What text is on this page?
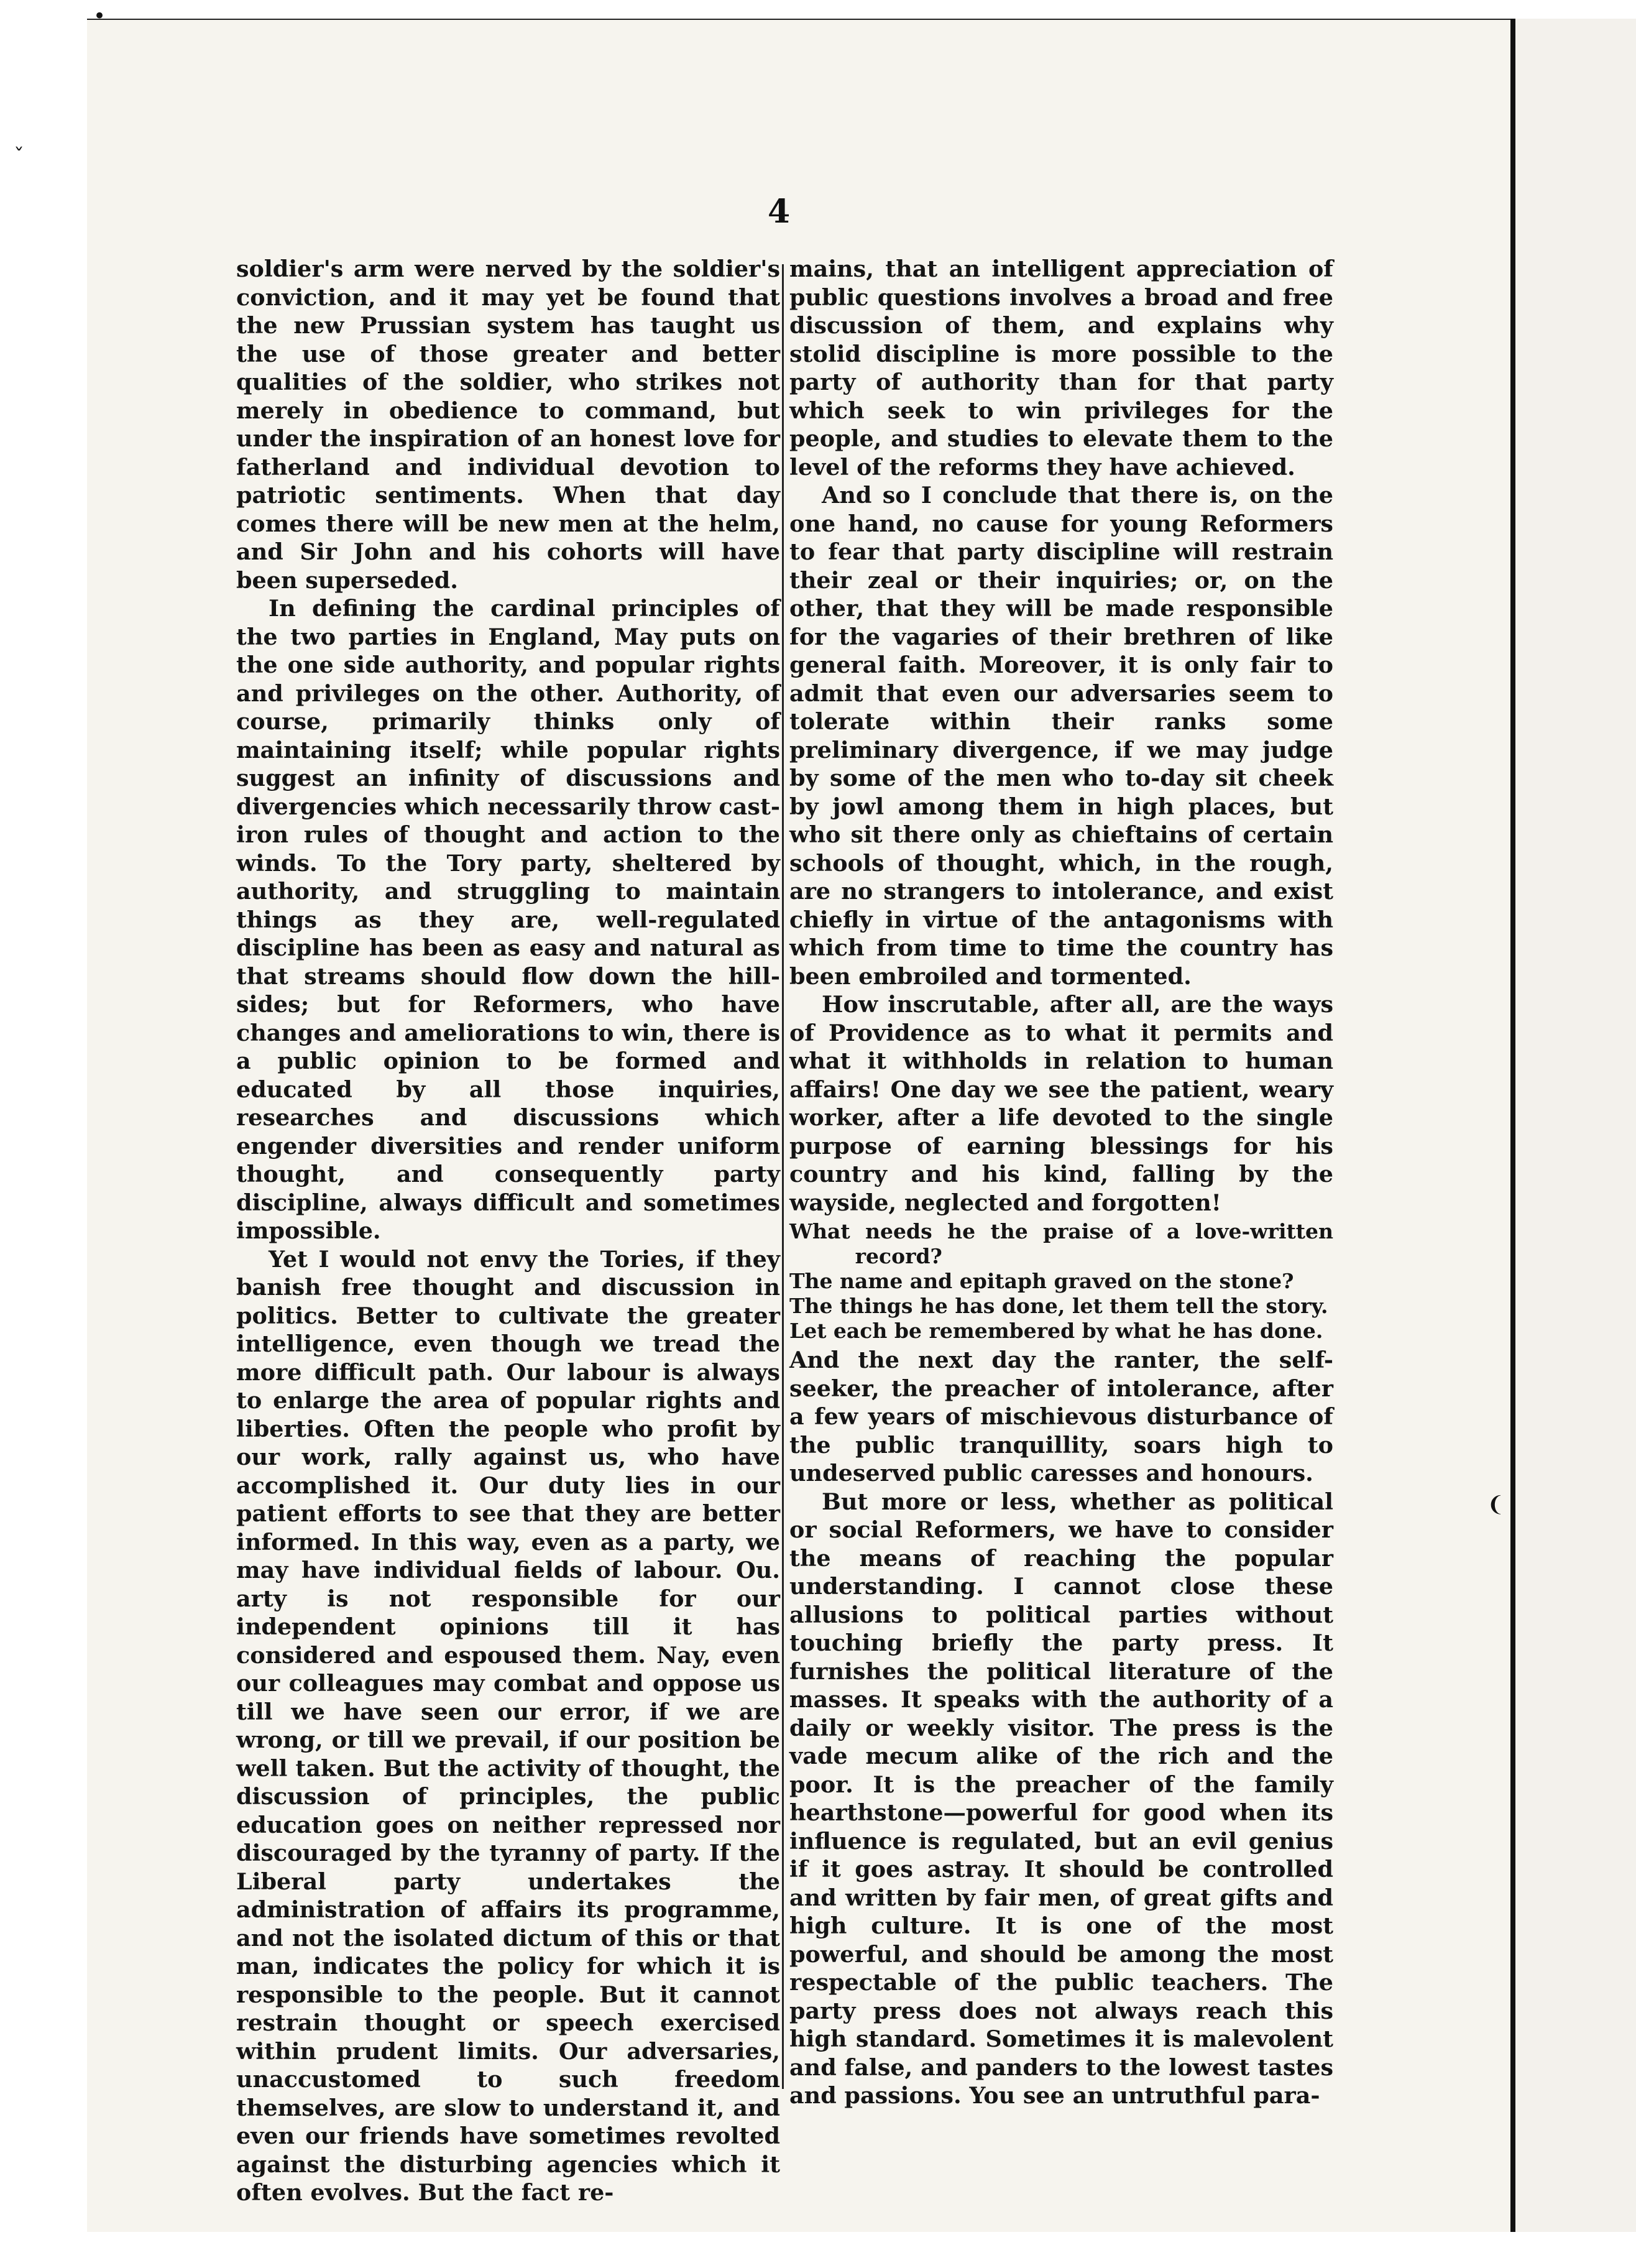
•
ˇ
❨
4

soldier's arm were nerved by the soldier's conviction, and it may yet be found that the new Prussian system has taught us the use of those greater and better qualities of the soldier, who strikes not merely in obedience to command, but under the inspiration of an honest love for fatherland and individual devotion to patriotic sentiments. When that day comes there will be new men at the helm, and Sir John and his cohorts will have been superseded.

In defining the cardinal principles of the two parties in England, May puts on the one side authority, and popular rights and privileges on the other. Authority, of course, primarily thinks only of maintaining itself; while popular rights suggest an infinity of discussions and divergencies which necessarily throw cast-iron rules of thought and action to the winds. To the Tory party, sheltered by authority, and struggling to maintain things as they are, well-regulated discipline has been as easy and natural as that streams should flow down the hill-sides; but for Reformers, who have changes and ameliorations to win, there is a public opinion to be formed and educated by all those inquiries, researches and discussions which engender diversities and render uniform thought, and consequently party discipline, always difficult and sometimes impossible.

Yet I would not envy the Tories, if they banish free thought and discussion in politics. Better to cultivate the greater intelligence, even though we tread the more difficult path. Our labour is always to enlarge the area of popular rights and liberties. Often the people who profit by our work, rally against us, who have accomplished it. Our duty lies in our patient efforts to see that they are better informed. In this way, even as a party, we may have individual fields of labour. Ou. arty is not responsible for our independent opinions till it has considered and espoused them. Nay, even our colleagues may combat and oppose us till we have seen our error, if we are wrong, or till we prevail, if our position be well taken. But the activity of thought, the discussion of principles, the public education goes on neither repressed nor discouraged by the tyranny of party. If the Liberal party undertakes the administration of affairs its programme, and not the isolated dictum of this or that man, indicates the policy for which it is responsible to the people. But it cannot restrain thought or speech exercised within prudent limits. Our adversaries, unaccustomed to such freedom themselves, are slow to understand it, and even our friends have sometimes revolted against the disturbing agencies which it often evolves. But the fact re-

mains, that an intelligent appreciation of public questions involves a broad and free discussion of them, and explains why stolid discipline is more possible to the party of authority than for that party which seek to win privileges for the people, and studies to elevate them to the level of the reforms they have achieved.

And so I conclude that there is, on the one hand, no cause for young Reformers to fear that party discipline will restrain their zeal or their inquiries; or, on the other, that they will be made responsible for the vagaries of their brethren of like general faith. Moreover, it is only fair to admit that even our adversaries seem to tolerate within their ranks some preliminary divergence, if we may judge by some of the men who to-day sit cheek by jowl among them in high places, but who sit there only as chieftains of certain schools of thought, which, in the rough, are no strangers to intolerance, and exist chiefly in virtue of the antagonisms with which from time to time the country has been embroiled and tormented.

How inscrutable, after all, are the ways of Providence as to what it permits and what it withholds in relation to human affairs! One day we see the patient, weary worker, after a life devoted to the single purpose of earning blessings for his country and his kind, falling by the wayside, neglected and forgotten!

What needs he the praise of a love-written record?
The name and epitaph graved on the stone?
The things he has done, let them tell the story.
Let each be remembered by what he has done.

And the next day the ranter, the self-seeker, the preacher of intolerance, after a few years of mischievous disturbance of the public tranquillity, soars high to undeserved public caresses and honours.

But more or less, whether as political or social Reformers, we have to consider the means of reaching the popular understanding. I cannot close these allusions to political parties without touching briefly the party press. It furnishes the political literature of the masses. It speaks with the authority of a daily or weekly visitor. The press is the vade mecum alike of the rich and the poor. It is the preacher of the family hearthstone—powerful for good when its influence is regulated, but an evil genius if it goes astray. It should be controlled and written by fair men, of great gifts and high culture. It is one of the most powerful, and should be among the most respectable of the public teachers. The party press does not always reach this high standard. Sometimes it is malevolent and false, and panders to the lowest tastes and passions. You see an untruthful para-
